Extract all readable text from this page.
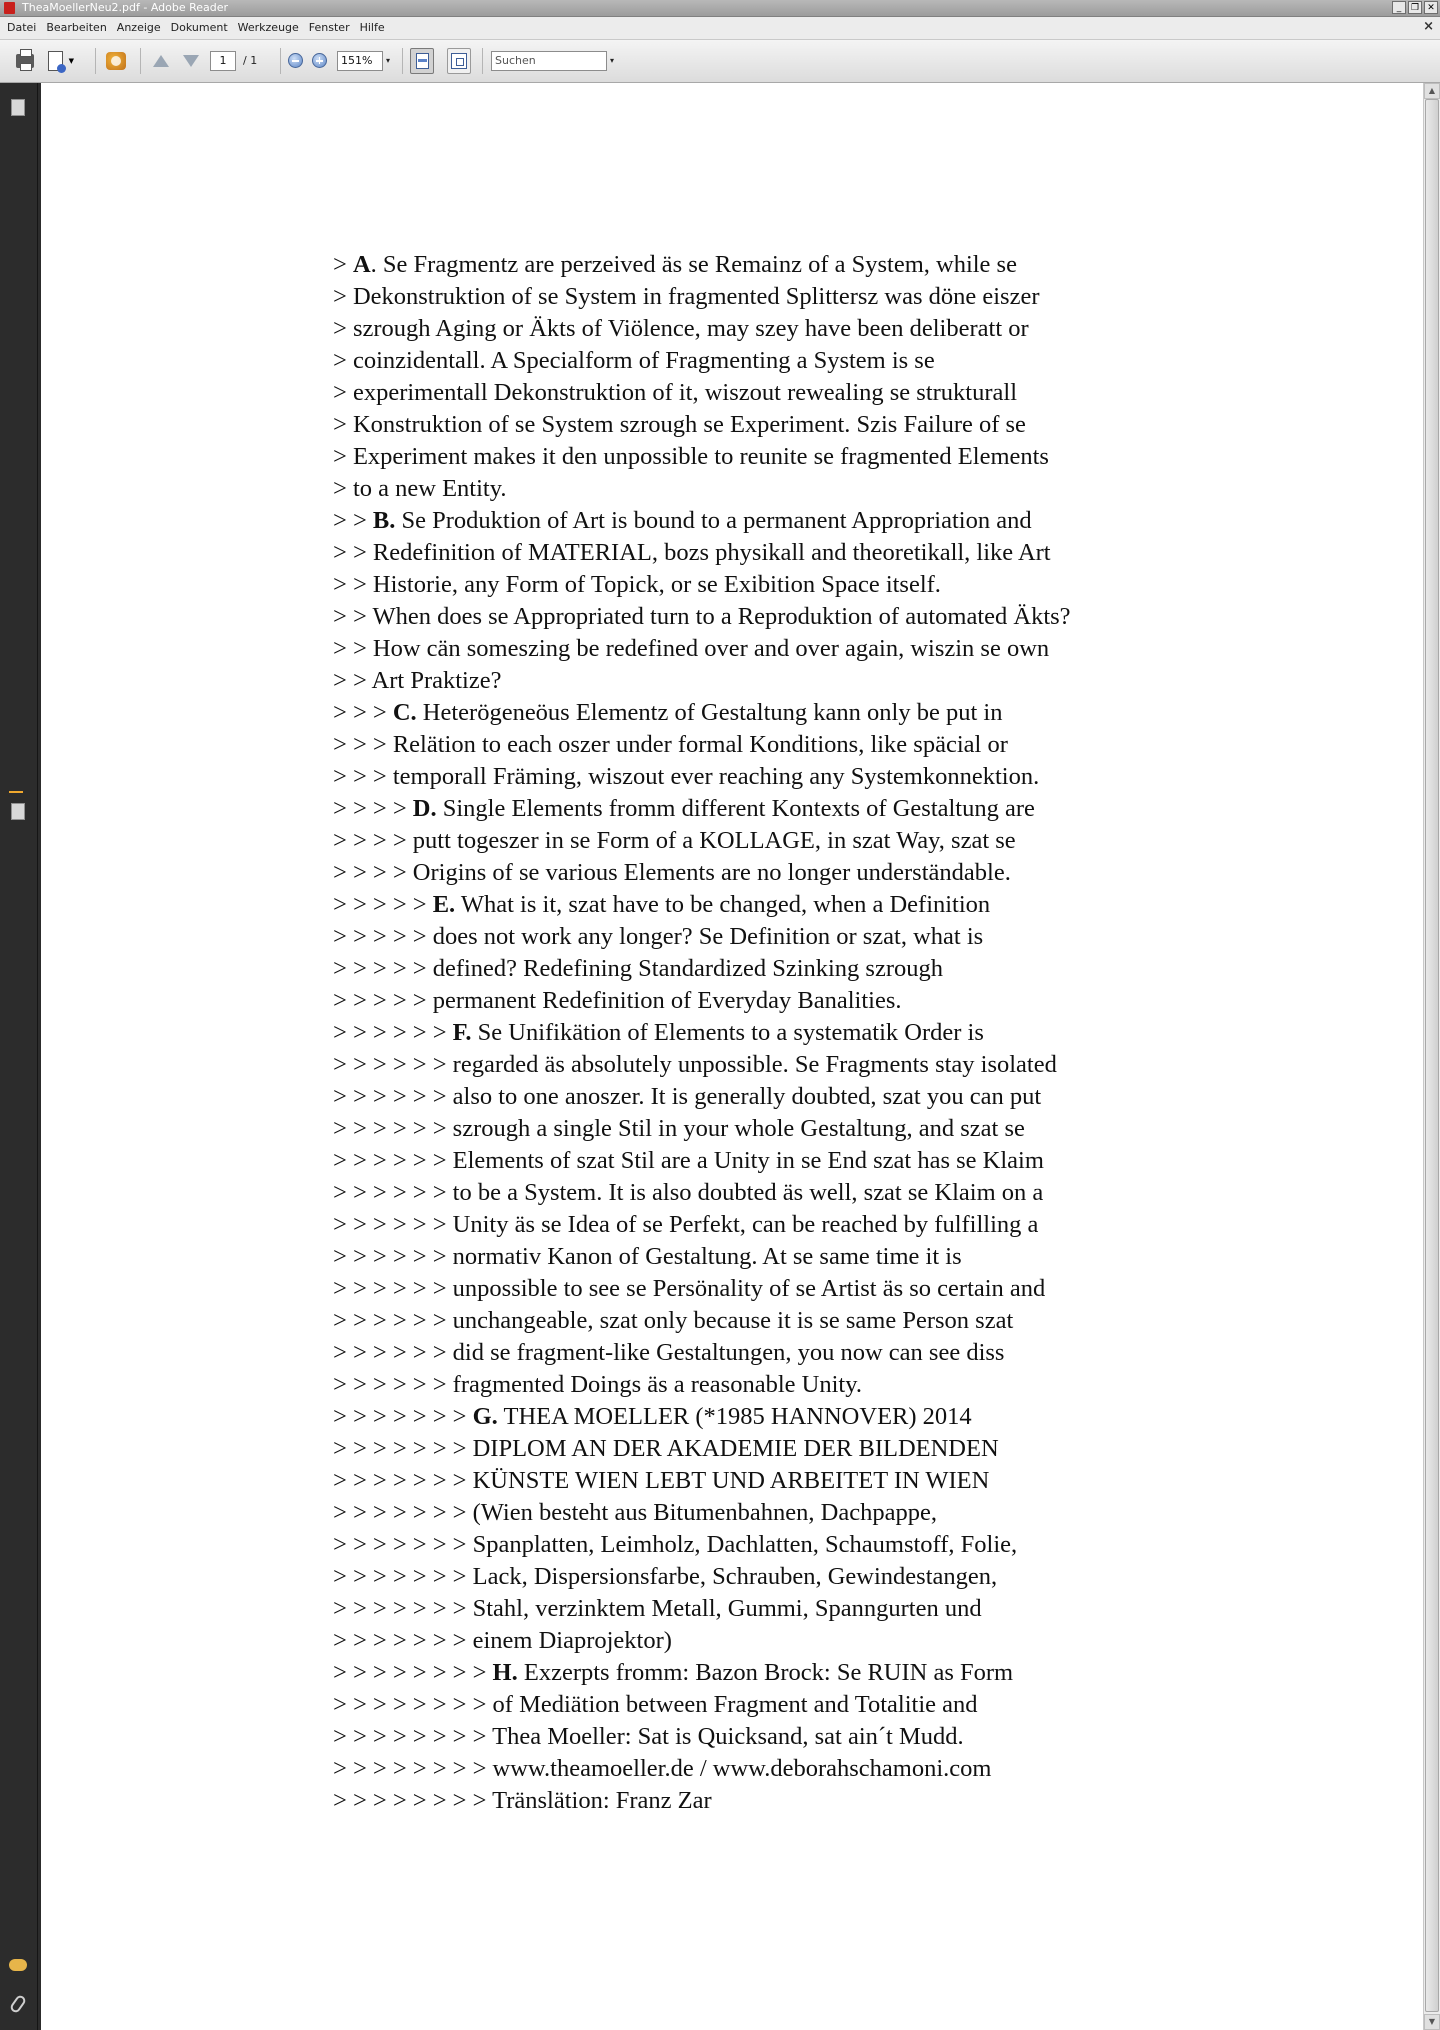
TheaMoellerNeu2.pdf - Adobe Reader	_	❐ ✕
Datei Bearbeiten Anzeige Dokument Werkzeuge Fenster Hilfe	×
▼	1	/ 1	151%	▾	Suchen	▾
> A. Se Fragmentz are perzeived äs se Remainz of a System, while se
> Dekonstruktion of se System in fragmented Splittersz was döne eiszer
> szrough Aging or Äkts of Viölence, may szey have been deliberatt or
> coinzidentall. A Specialform of Fragmenting a System is se
> experimentall Dekonstruktion of it, wiszout rewealing se strukturall
> Konstruktion of se System szrough se Experiment. Szis Failure of se
> Experiment makes it den unpossible to reunite se fragmented Elements
> to a new Entity.
> > B. Se Produktion of Art is bound to a permanent Appropriation and
> > Redefinition of MATERIAL, bozs physikall and theoretikall, like Art
> > Historie, any Form of Topick, or se Exibition Space itself.
> > When does se Appropriated turn to a Reproduktion of automated Äkts?
> > How cän someszing be redefined over and over again, wiszin se own
> > Art Praktize?
> > > C. Heterögeneöus Elementz of Gestaltung kann only be put in
> > > Relätion to each oszer under formal Konditions, like späcial or
> > > temporall Främing, wiszout ever reaching any Systemkonnektion.
> > > > D. Single Elements fromm different Kontexts of Gestaltung are
> > > > putt togeszer in se Form of a KOLLAGE, in szat Way, szat se
> > > > Origins of se various Elements are no longer underständable.
> > > > > E. What is it, szat have to be changed, when a Definition
> > > > > does not work any longer? Se Definition or szat, what is
> > > > > defined? Redefining Standardized Szinking szrough
> > > > > permanent Redefinition of Everyday Banalities.
> > > > > > F. Se Unifikätion of Elements to a systematik Order is
> > > > > > regarded äs absolutely unpossible. Se Fragments stay isolated
> > > > > > also to one anoszer. It is generally doubted, szat you can put
> > > > > > szrough a single Stil in your whole Gestaltung, and szat se
> > > > > > Elements of szat Stil are a Unity in se End szat has se Klaim
> > > > > > to be a System. It is also doubted äs well, szat se Klaim on a
> > > > > > Unity äs se Idea of se Perfekt, can be reached by fulfilling a
> > > > > > normativ Kanon of Gestaltung. At se same time it is
> > > > > > unpossible to see se Persönality of se Artist äs so certain and
> > > > > > unchangeable, szat only because it is se same Person szat
> > > > > > did se fragment-like Gestaltungen, you now can see diss
> > > > > > fragmented Doings äs a reasonable Unity.
> > > > > > > G. THEA MOELLER (*1985 HANNOVER) 2014
> > > > > > > DIPLOM AN DER AKADEMIE DER BILDENDEN
> > > > > > > KÜNSTE WIEN LEBT UND ARBEITET IN WIEN
> > > > > > > (Wien besteht aus Bitumenbahnen, Dachpappe,
> > > > > > > Spanplatten, Leimholz, Dachlatten, Schaumstoff, Folie,
> > > > > > > Lack, Dispersionsfarbe, Schrauben, Gewindestangen,
> > > > > > > Stahl, verzinktem Metall, Gummi, Spanngurten und
> > > > > > > einem Diaprojektor)
> > > > > > > > H. Exzerpts fromm: Bazon Brock: Se RUIN as Form
> > > > > > > > of Mediätion between Fragment and Totalitie and
> > > > > > > > Thea Moeller: Sat is Quicksand, sat ain´t Mudd.
> > > > > > > > www.theamoeller.de / www.deborahschamoni.com
> > > > > > > > Tränslätion: Franz Zar
▲
▼
